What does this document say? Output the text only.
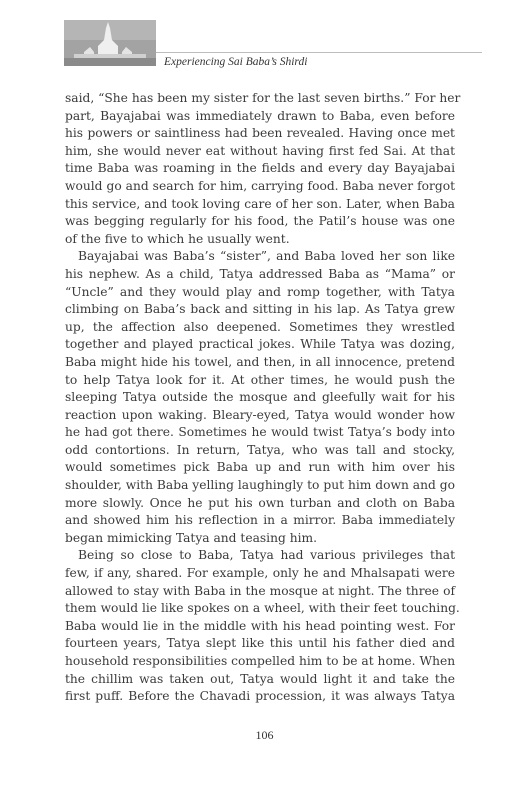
Experiencing Sai Baba’s Shirdi
said, “She has been my sister for the last seven births.” For her
part, Bayajabai was immediately drawn to Baba, even before
his powers or saintliness had been revealed. Having once met
him, she would never eat without having first fed Sai. At that
time Baba was roaming in the fields and every day Bayajabai
would go and search for him, carrying food. Baba never forgot
this service, and took loving care of her son. Later, when Baba
was begging regularly for his food, the Patil’s house was one
of the five to which he usually went.
Bayajabai was Baba’s “sister”, and Baba loved her son like
his nephew. As a child, Tatya addressed Baba as “Mama” or
“Uncle” and they would play and romp together, with Tatya
climbing on Baba’s back and sitting in his lap. As Tatya grew
up, the affection also deepened. Sometimes they wrestled
together and played practical jokes. While Tatya was dozing,
Baba might hide his towel, and then, in all innocence, pretend
to help Tatya look for it. At other times, he would push the
sleeping Tatya outside the mosque and gleefully wait for his
reaction upon waking. Bleary-eyed, Tatya would wonder how
he had got there. Sometimes he would twist Tatya’s body into
odd contortions. In return, Tatya, who was tall and stocky,
would sometimes pick Baba up and run with him over his
shoulder, with Baba yelling laughingly to put him down and go
more slowly. Once he put his own turban and cloth on Baba
and showed him his reflection in a mirror. Baba immediately
began mimicking Tatya and teasing him.
Being so close to Baba, Tatya had various privileges that
few, if any, shared. For example, only he and Mhalsapati were
allowed to stay with Baba in the mosque at night. The three of
them would lie like spokes on a wheel, with their feet touching.
Baba would lie in the middle with his head pointing west. For
fourteen years, Tatya slept like this until his father died and
household responsibilities compelled him to be at home. When
the chillim was taken out, Tatya would light it and take the
first puff. Before the Chavadi procession, it was always Tatya
106
